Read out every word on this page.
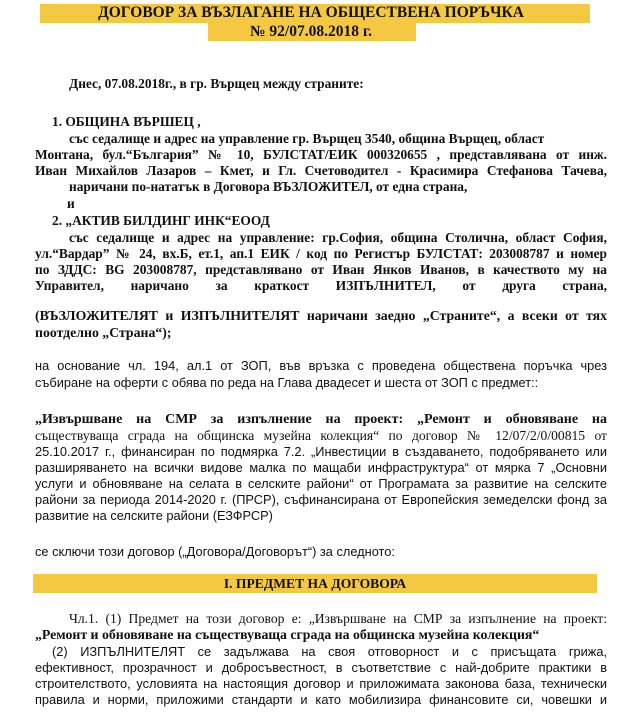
ДОГОВОР ЗА ВЪЗЛАГАНЕ НА ОБЩЕСТВЕНА ПОРЪЧКА
№ 92/07.08.2018 г.
Днес, 07.08.2018г., в гр. Върщец между страните:
1. ОБЩИНА ВЪРШЕЦ ,
със седалище и адрес на управление гр. Върщец 3540, община Върщец, област
Монтана, бул.“България” № 10, БУЛСТАТ/ЕИК 000320655 , представлявана от инж.
Иван Михайлов Лазаров – Кмет, и Гл. Счетоводител - Красимира Стефанова Тачева,
наричани по-нататък в Договора ВЪЗЛОЖИТЕЛ, от една страна,
и
2. „АКТИВ БИЛДИНГ ИНК“ЕООД
със седалище и адрес на управление: гр.София, община Столична, област София,
ул.“Вардар” № 24, вх.Б, ет.1, ап.1 ЕИК / код по Регистър БУЛСТАТ: 203008787 и номер
по ЗДДС: BG 203008787, представлявано от Иван Янков Иванов, в качеството му на
Управител, наричано за краткост ИЗПЪЛНИТЕЛ, от друга страна,
(ВЪЗЛОЖИТЕЛЯТ и ИЗПЪЛНИТЕЛЯТ наричани заедно „Страните“, а всеки от тях
поотделно „Страна“);
на основание чл. 194, ал.1 от ЗОП, във връзка с проведена обществена поръчка чрез
събиране на оферти с обява по реда на Глава двадесет и шеста от ЗОП с предмет::
„Извършване на СМР за изпълнение на проект: „Ремонт и обновяване на
съществуваща сграда на общинска музейна колекция“ по договор № 12/07/2/0/00815 от
25.10.2017 г., финансиран по подмярка 7.2. „Инвестиции в създаването, подобряването или
разширяването на всички видове малка по мащаби инфраструктура“ от мярка 7 „Основни
услуги и обновяване на селата в селските райони“ от Програмата за развитие на селските
райони за периода 2014-2020 г. (ПРСР), съфинансирана от Европейския земеделски фонд за
развитие на селските райони (ЕЗФРСР)
се сключи този договор („Договора/Договорът“) за следното:
I. ПРЕДМЕТ НА ДОГОВОРА
Чл.1. (1) Предмет на този договор е: „Извършване на СМР за изпълнение на проект:
„Ремонт и обновяване на съществуваща сграда на общинска музейна колекция“
(2) ИЗПЪЛНИТЕЛЯТ се задължава на своя отговорност и с присъщата грижа,
ефективност, прозрачност и добросъвестност, в съответствие с най-добрите практики в
строителството, условията на настоящия договор и приложимата законова база, технически
правила и норми, приложими стандарти и като мобилизира финансовите си, човешки и
